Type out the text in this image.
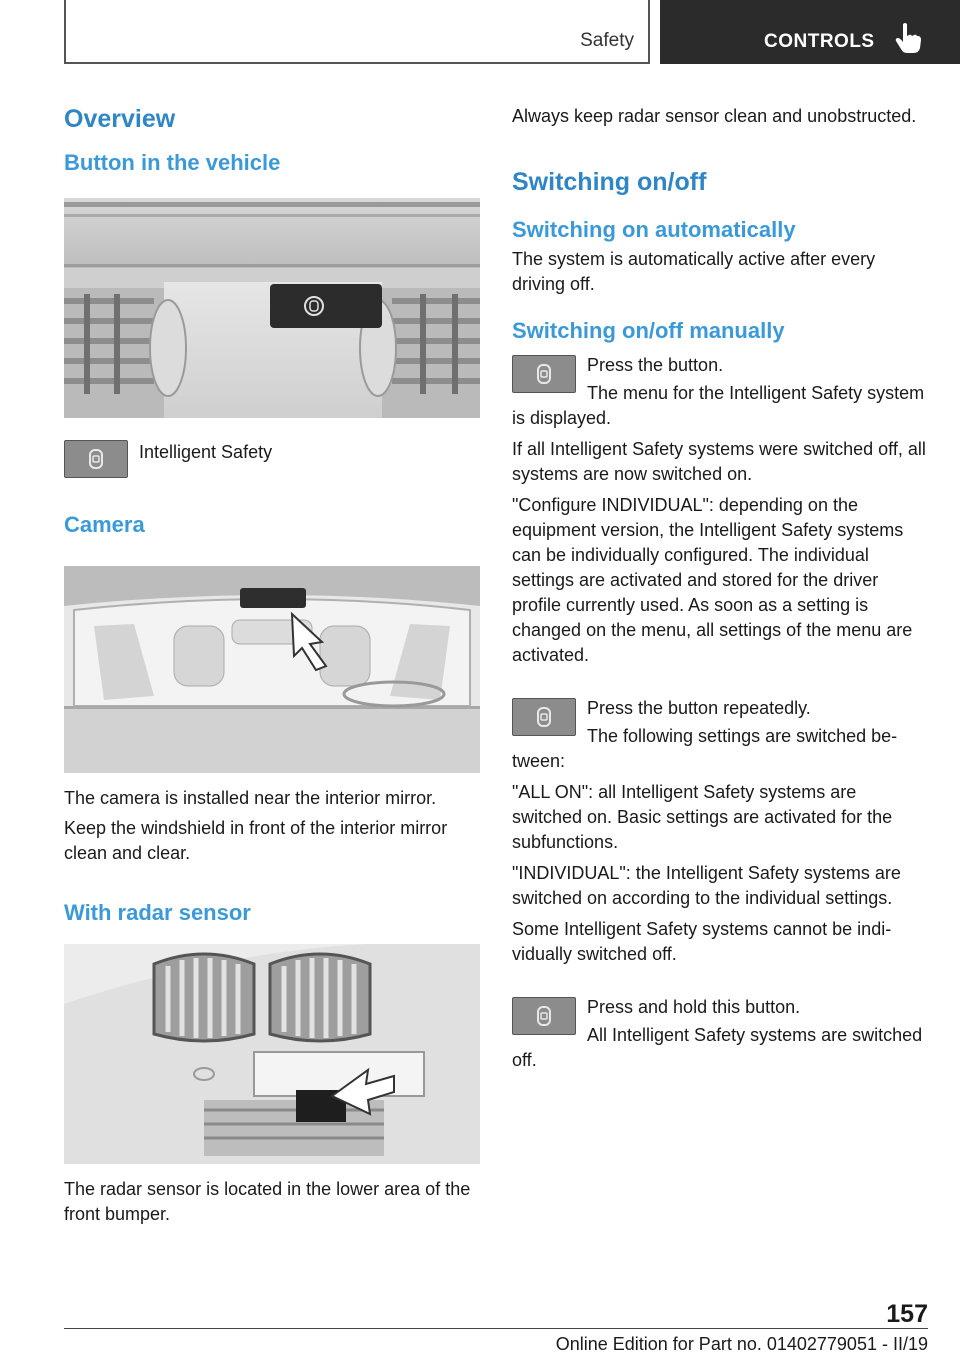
Safety	CONTROLS
Overview
Button in the vehicle

Intelligent Safety

Camera

The camera is installed near the interior mirror.

Keep the windshield in front of the interior mirror clean and clear.

With radar sensor

The radar sensor is located in the lower area of the front bumper.

Always keep radar sensor clean and unobstructed.

Switching on/off
Switching on automatically

The system is automatically active after every driving off.

Switching on/off manually

Press the button.

The menu for the Intelligent Safety system is displayed.

If all Intelligent Safety systems were switched off, all systems are now switched on.

"Configure INDIVIDUAL": depending on the equipment version, the Intelligent Safety systems can be individually configured. The individual settings are activated and stored for the driver profile currently used. As soon as a setting is changed on the menu, all settings of the menu are activated.

Press the button repeatedly.

The following settings are switched between:

"ALL ON": all Intelligent Safety systems are switched on. Basic settings are activated for the subfunctions.

"INDIVIDUAL": the Intelligent Safety systems are switched on according to the individual settings.

Some Intelligent Safety systems cannot be individually switched off.

Press and hold this button.

All Intelligent Safety systems are switched off.

157
Online Edition for Part no. 01402779051 - II/19
